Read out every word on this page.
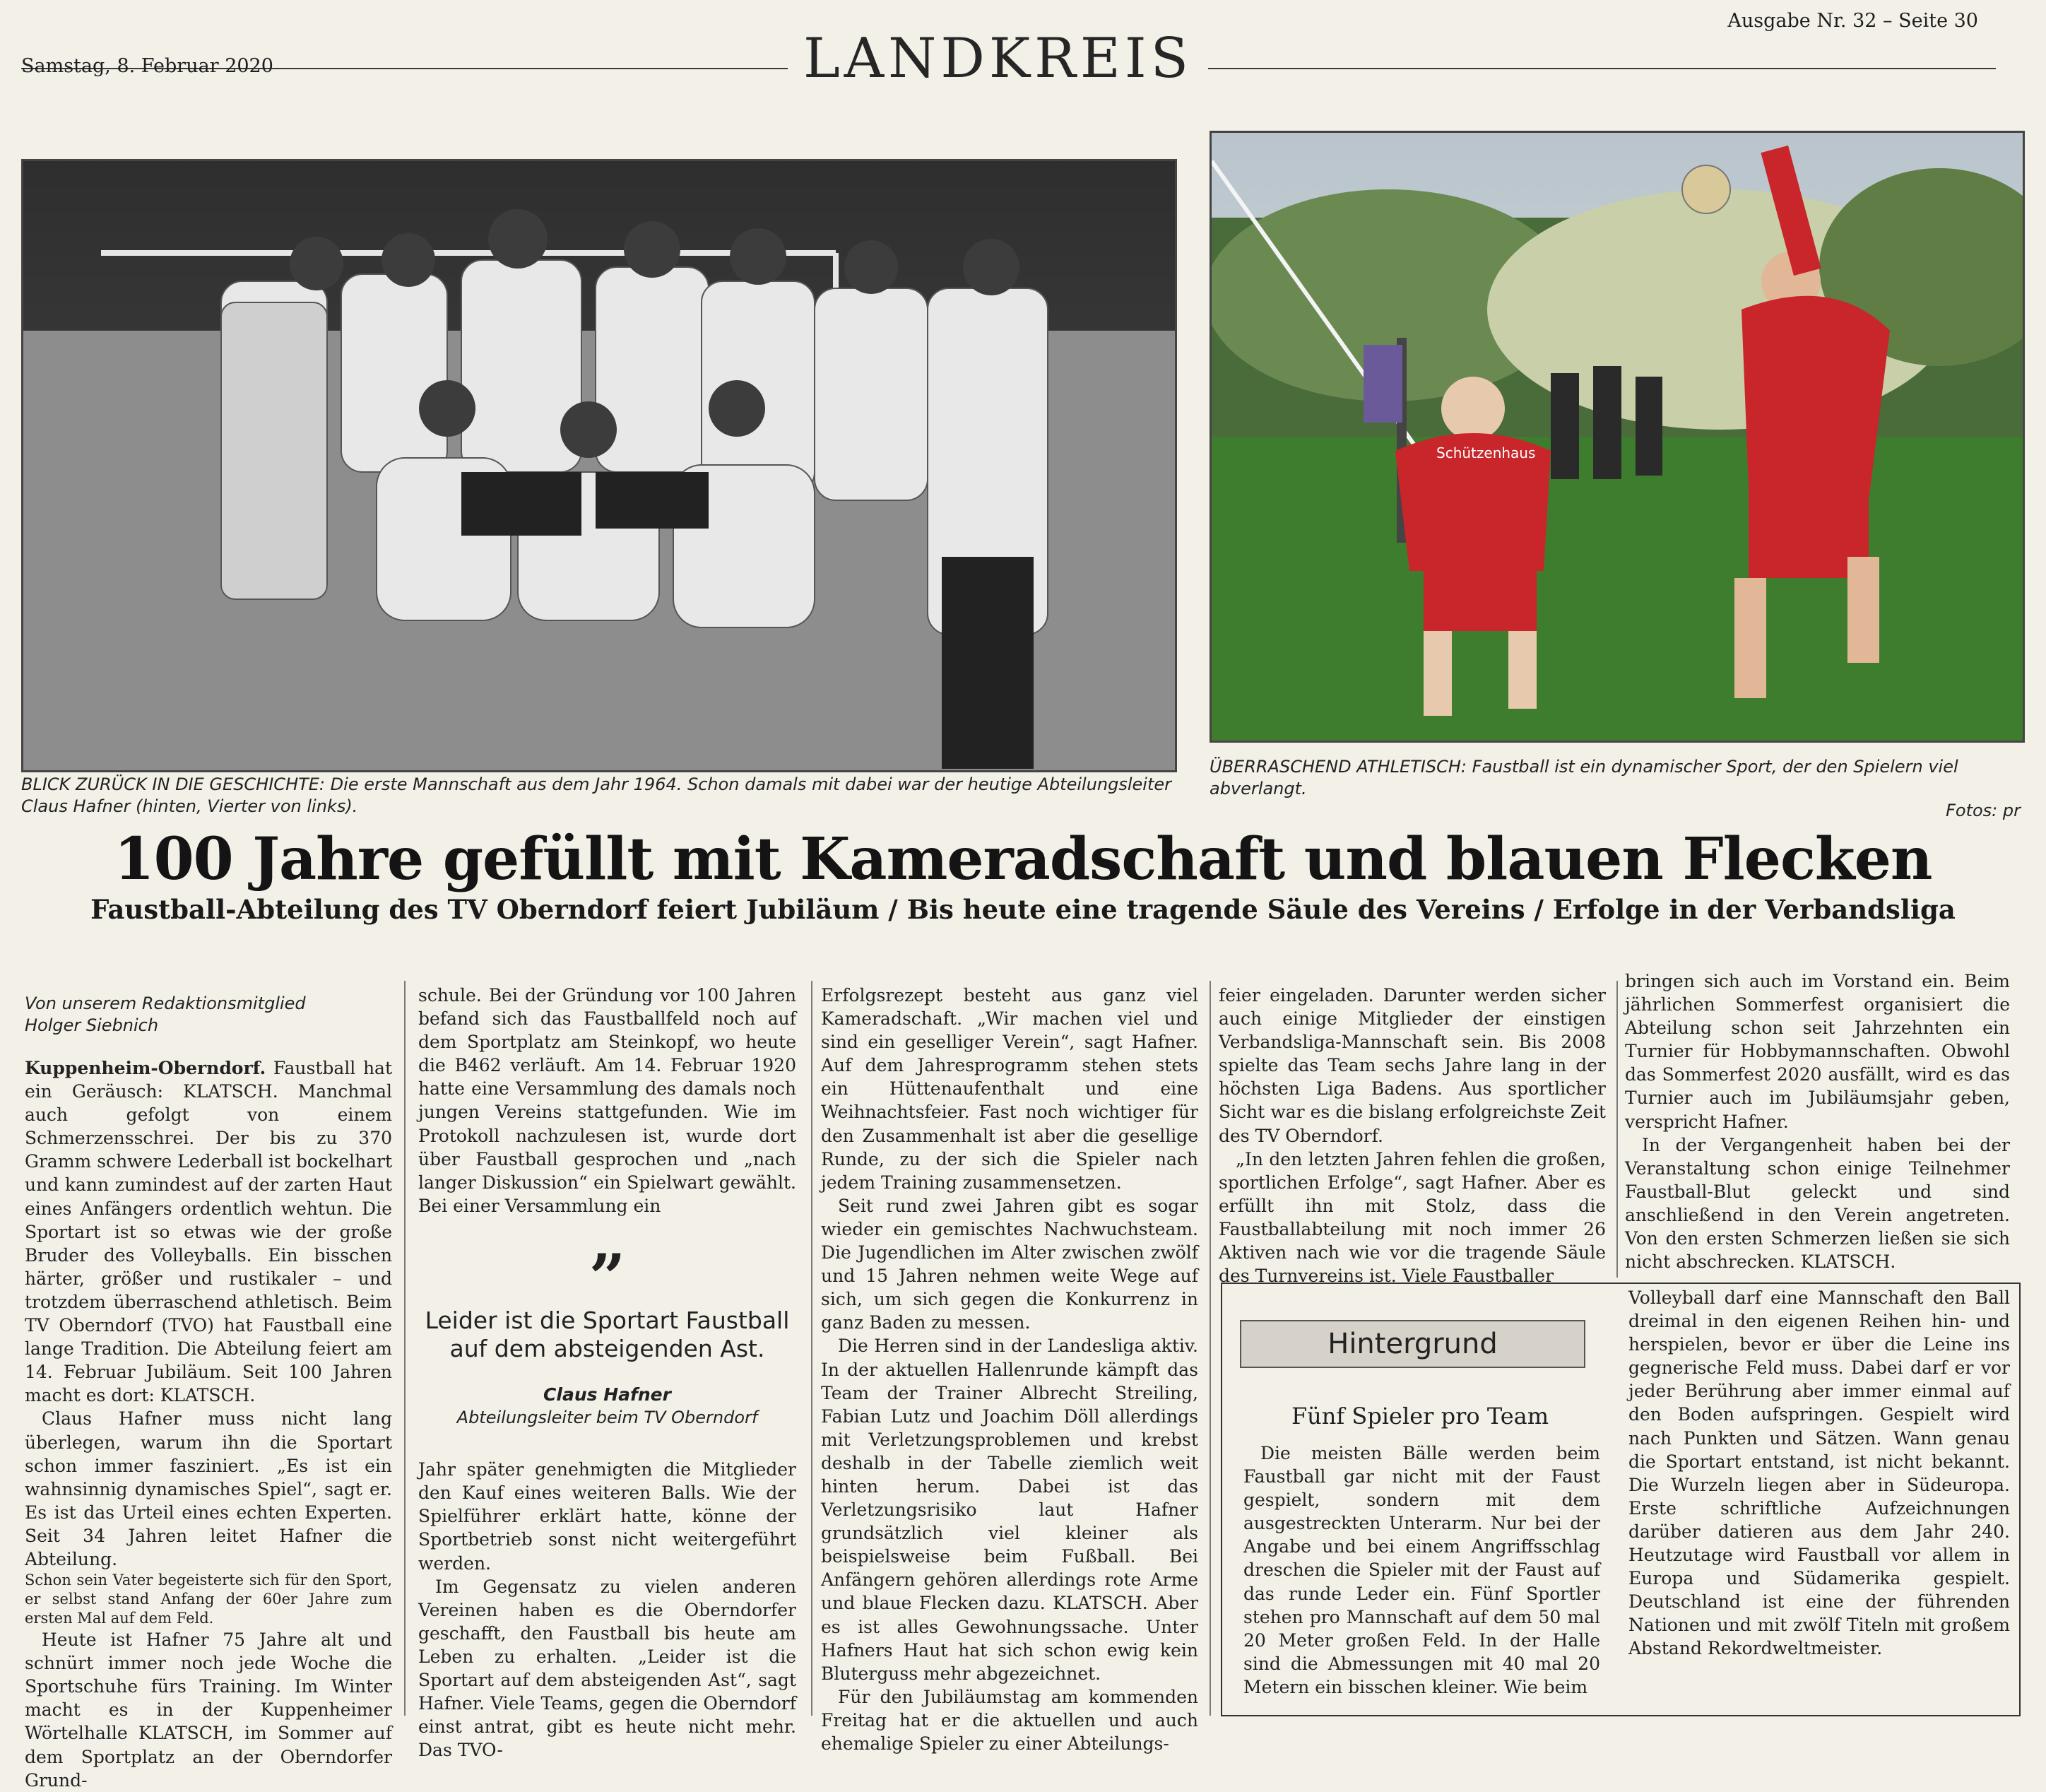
Samstag, 8. Februar 2020	LANDKREIS
Ausgabe Nr. 32 – Seite 30
Schützenhaus
BLICK ZURÜCK IN DIE GESCHICHTE: Die erste Mannschaft aus dem Jahr 1964. Schon damals mit dabei war der heutige Abteilungsleiter Claus Hafner (hinten, Vierter von links).
ÜBERRASCHEND ATHLETISCH: Faustball ist ein dynamischer Sport, der den Spielern viel abverlangt.
Fotos: pr
100 Jahre gefüllt mit Kameradschaft und blauen Flecken
Faustball-Abteilung des TV Oberndorf feiert Jubiläum / Bis heute eine tragende Säule des Vereins / Erfolge in der Verbandsliga
Von unserem Redaktionsmitglied
Holger Siebnich

Kuppenheim-Oberndorf. Faustball hat ein Geräusch: KLATSCH. Manchmal auch gefolgt von einem Schmerzensschrei. Der bis zu 370 Gramm schwere Lederball ist bockelhart und kann zumindest auf der zarten Haut eines Anfängers ordentlich wehtun. Die Sportart ist so etwas wie der große Bruder des Volleyballs. Ein bisschen härter, größer und rustikaler – und trotzdem überraschend athletisch. Beim TV Oberndorf (TVO) hat Faustball eine lange Tradition. Die Abteilung feiert am 14. Februar Jubiläum. Seit 100 Jahren macht es dort: KLATSCH.

Claus Hafner muss nicht lang überlegen, warum ihn die Sportart schon immer fasziniert. „Es ist ein wahnsinnig dynamisches Spiel“, sagt er. Es ist das Urteil eines echten Experten. Seit 34 Jahren leitet Hafner die Abteilung.

Schon sein Vater begeisterte sich für den Sport, er selbst stand Anfang der 60er Jahre zum ersten Mal auf dem Feld.

Heute ist Hafner 75 Jahre alt und schnürt immer noch jede Woche die Sportschuhe fürs Training. Im Winter macht es in der Kuppenheimer Wörtelhalle KLATSCH, im Sommer auf dem Sportplatz an der Oberndorfer Grund-

schule. Bei der Gründung vor 100 Jahren befand sich das Faustballfeld noch auf dem Sportplatz am Steinkopf, wo heute die B462 verläuft. Am 14. Februar 1920 hatte eine Versammlung des damals noch jungen Vereins stattgefunden. Wie im Protokoll nachzulesen ist, wurde dort über Faustball gesprochen und „nach langer Diskussion“ ein Spielwart gewählt. Bei einer Versammlung ein

”
Leider ist die Sportart Faustball auf dem absteigenden Ast.
Claus Hafner
Abteilungsleiter beim TV Oberndorf

Jahr später genehmigten die Mitglieder den Kauf eines weiteren Balls. Wie der Spielführer erklärt hatte, könne der Sportbetrieb sonst nicht weitergeführt werden.

Im Gegensatz zu vielen anderen Vereinen haben es die Oberndorfer geschafft, den Faustball bis heute am Leben zu erhalten. „Leider ist die Sportart auf dem absteigenden Ast“, sagt Hafner. Viele Teams, gegen die Oberndorf einst antrat, gibt es heute nicht mehr. Das TVO-

Erfolgsrezept besteht aus ganz viel Kameradschaft. „Wir machen viel und sind ein geselliger Verein“, sagt Hafner. Auf dem Jahresprogramm stehen stets ein Hüttenaufenthalt und eine Weihnachtsfeier. Fast noch wichtiger für den Zusammenhalt ist aber die gesellige Runde, zu der sich die Spieler nach jedem Training zusammensetzen.

Seit rund zwei Jahren gibt es sogar wieder ein gemischtes Nachwuchsteam. Die Jugendlichen im Alter zwischen zwölf und 15 Jahren nehmen weite Wege auf sich, um sich gegen die Konkurrenz in ganz Baden zu messen.

Die Herren sind in der Landesliga aktiv. In der aktuellen Hallenrunde kämpft das Team der Trainer Albrecht Streiling, Fabian Lutz und Joachim Döll allerdings mit Verletzungsproblemen und krebst deshalb in der Tabelle ziemlich weit hinten herum. Dabei ist das Verletzungsrisiko laut Hafner grundsätzlich viel kleiner als beispielsweise beim Fußball. Bei Anfängern gehören allerdings rote Arme und blaue Flecken dazu. KLATSCH. Aber es ist alles Gewohnungssache. Unter Hafners Haut hat sich schon ewig kein Bluterguss mehr abgezeichnet.

Für den Jubiläumstag am kommenden Freitag hat er die aktuellen und auch ehemalige Spieler zu einer Abteilungs-

feier eingeladen. Darunter werden sicher auch einige Mitglieder der einstigen Verbandsliga-Mannschaft sein. Bis 2008 spielte das Team sechs Jahre lang in der höchsten Liga Badens. Aus sportlicher Sicht war es die bislang erfolgreichste Zeit des TV Oberndorf.

„In den letzten Jahren fehlen die großen, sportlichen Erfolge“, sagt Hafner. Aber es erfüllt ihn mit Stolz, dass die Faustballabteilung mit noch immer 26 Aktiven nach wie vor die tragende Säule des Turnvereins ist. Viele Faustballer

bringen sich auch im Vorstand ein. Beim jährlichen Sommerfest organisiert die Abteilung schon seit Jahrzehnten ein Turnier für Hobbymannschaften. Obwohl das Sommerfest 2020 ausfällt, wird es das Turnier auch im Jubiläumsjahr geben, verspricht Hafner.

In der Vergangenheit haben bei der Veranstaltung schon einige Teilnehmer Faustball-Blut geleckt und sind anschließend in den Verein angetreten. Von den ersten Schmerzen ließen sie sich nicht abschrecken. KLATSCH.

Hintergrund
Fünf Spieler pro Team
Die meisten Bälle werden beim Faustball gar nicht mit der Faust gespielt, sondern mit dem ausgestreckten Unterarm. Nur bei der Angabe und bei einem Angriffsschlag dreschen die Spieler mit der Faust auf das runde Leder ein. Fünf Sportler stehen pro Mannschaft auf dem 50 mal 20 Meter großen Feld. In der Halle sind die Abmessungen mit 40 mal 20 Metern ein bisschen kleiner. Wie beim
Volleyball darf eine Mannschaft den Ball dreimal in den eigenen Reihen hin- und herspielen, bevor er über die Leine ins gegnerische Feld muss. Dabei darf er vor jeder Berührung aber immer einmal auf den Boden aufspringen. Gespielt wird nach Punkten und Sätzen. Wann genau die Sportart entstand, ist nicht bekannt. Die Wurzeln liegen aber in Südeuropa. Erste schriftliche Aufzeichnungen darüber datieren aus dem Jahr 240. Heutzutage wird Faustball vor allem in Europa und Südamerika gespielt. Deutschland ist eine der führenden Nationen und mit zwölf Titeln mit großem Abstand Rekordweltmeister.
